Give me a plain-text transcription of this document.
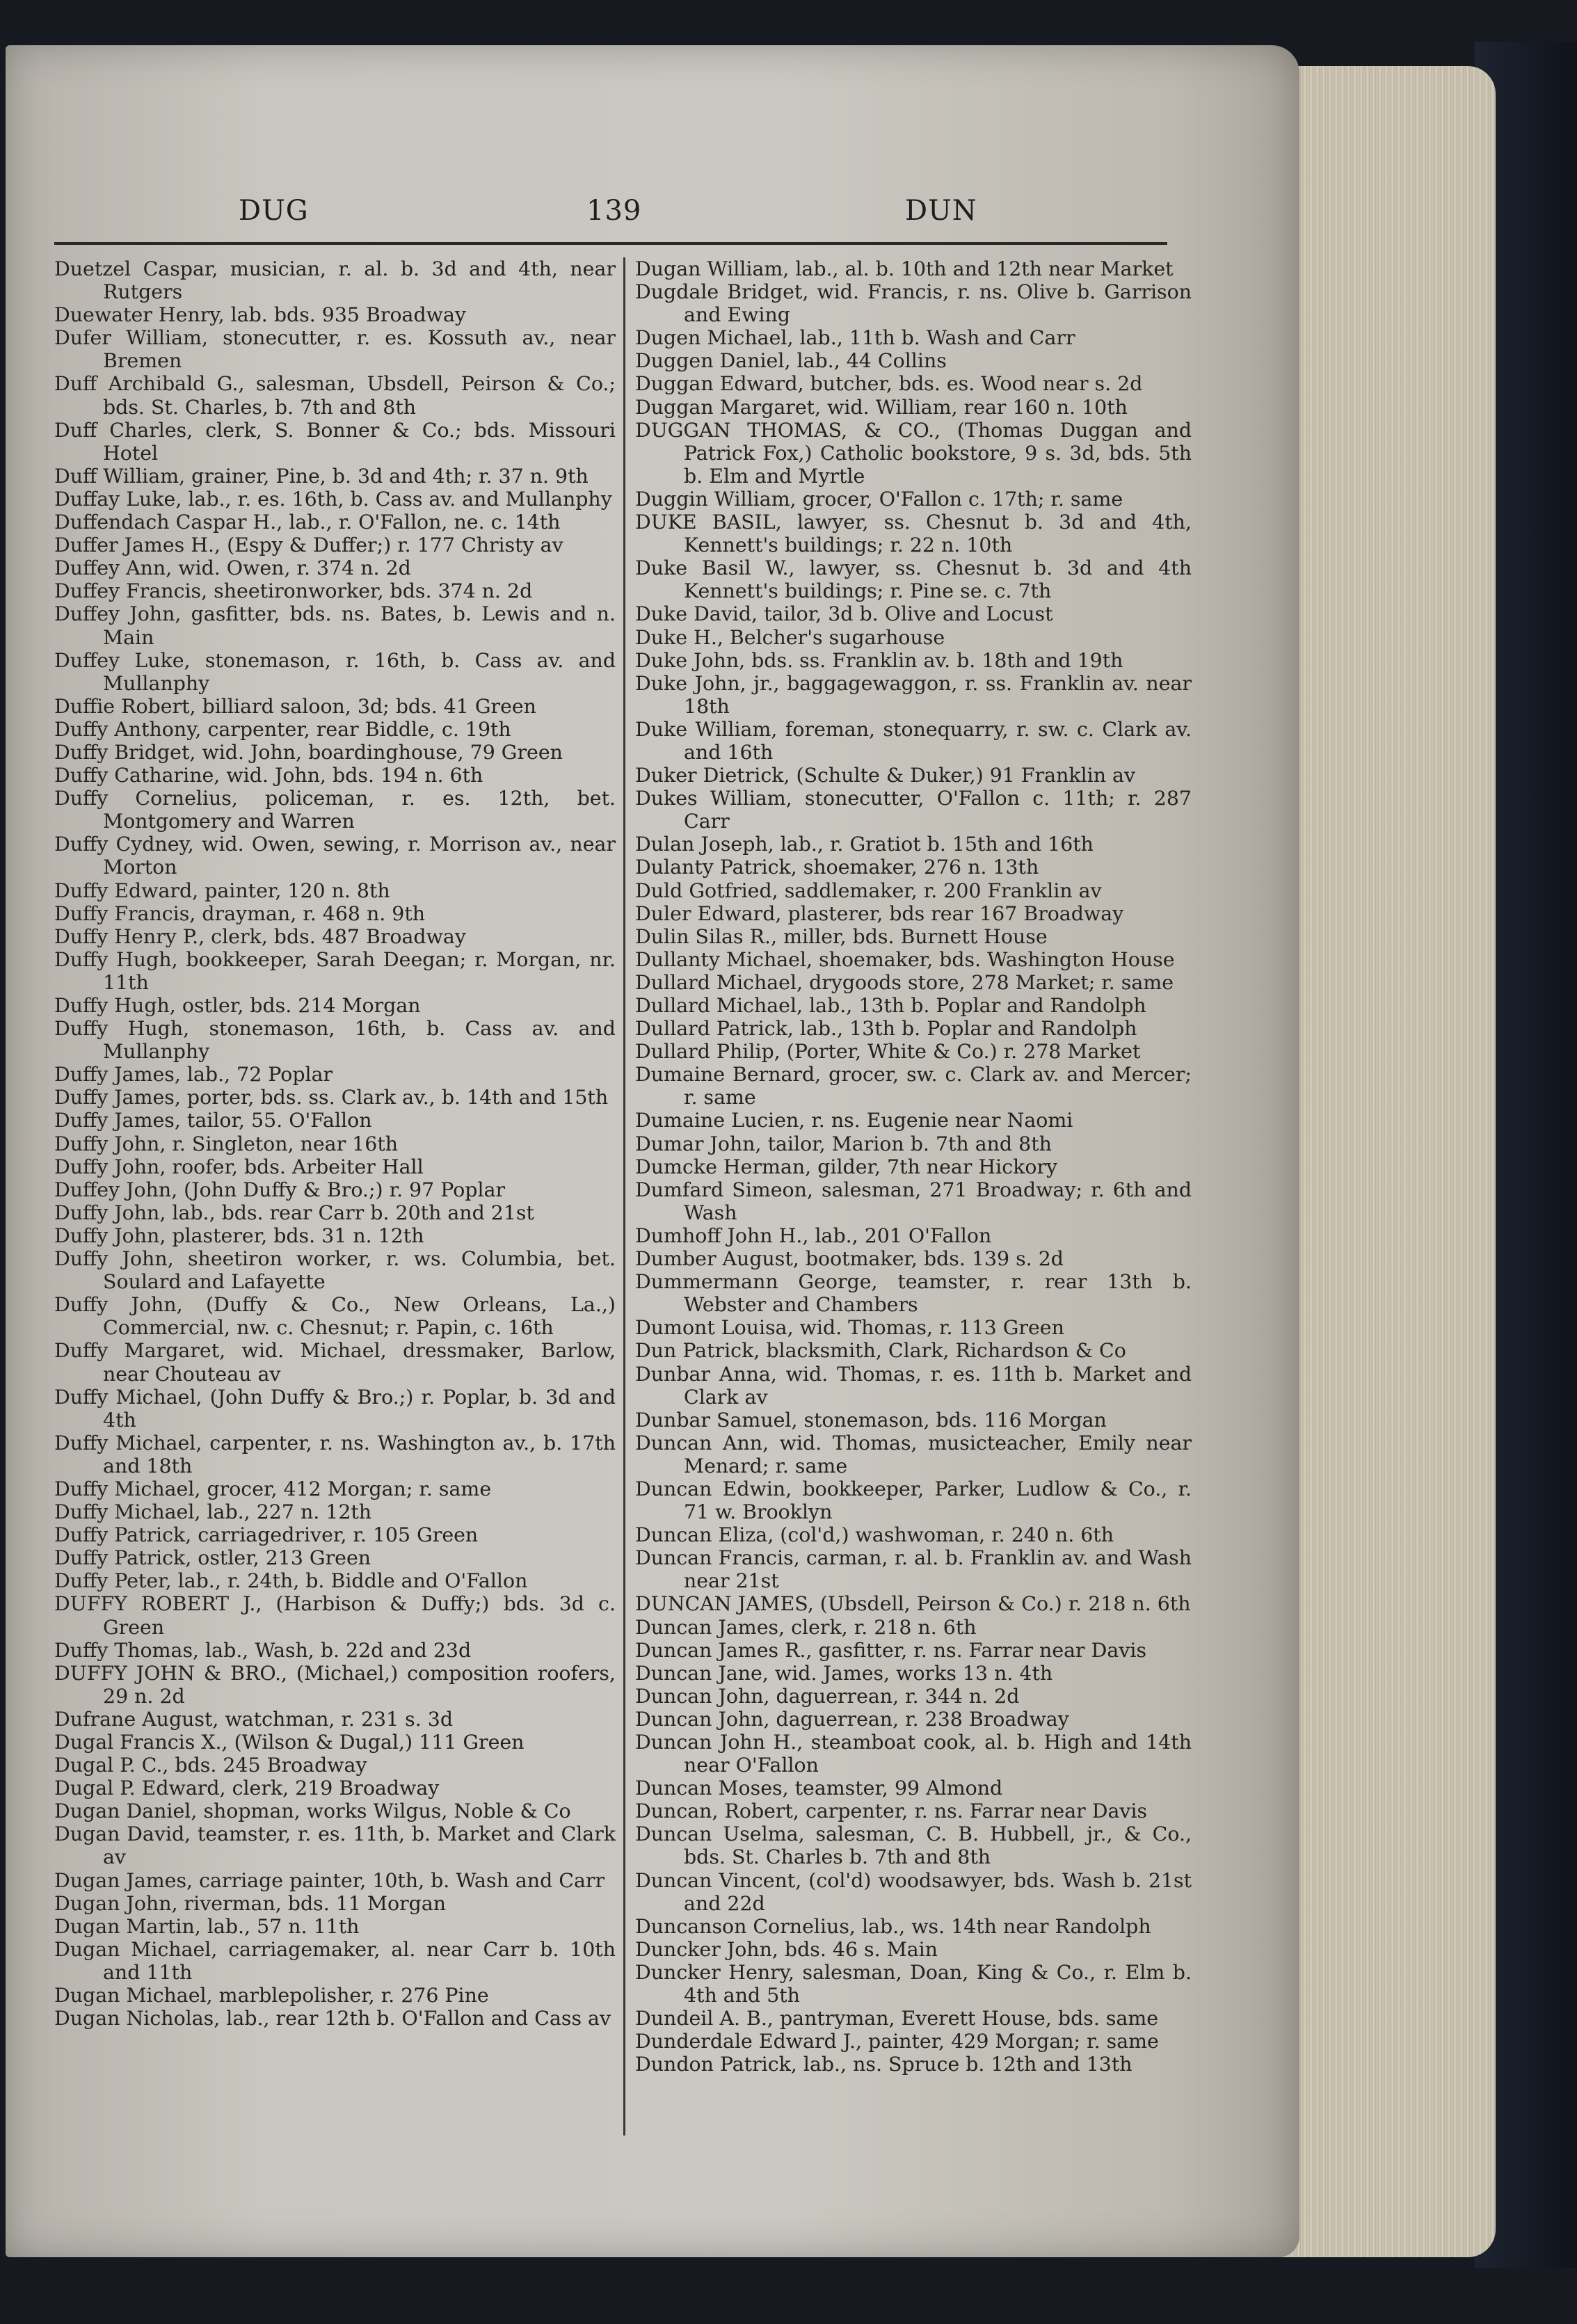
DUG	139	DUN

Duetzel Caspar, musician, r. al. b. 3d and 4th, near Rutgers

Duewater Henry, lab. bds. 935 Broadway

Dufer William, stonecutter, r. es. Kossuth av., near Bremen

Duff Archibald G., salesman, Ubsdell, Peirson & Co.; bds. St. Charles, b. 7th and 8th

Duff Charles, clerk, S. Bonner & Co.; bds. Missouri Hotel

Duff William, grainer, Pine, b. 3d and 4th; r. 37 n. 9th

Duffay Luke, lab., r. es. 16th, b. Cass av. and Mullanphy

Duffendach Caspar H., lab., r. O'Fallon, ne. c. 14th

Duffer James H., (Espy & Duffer;) r. 177 Christy av

Duffey Ann, wid. Owen, r. 374 n. 2d

Duffey Francis, sheetironworker, bds. 374 n. 2d

Duffey John, gasfitter, bds. ns. Bates, b. Lewis and n. Main

Duffey Luke, stonemason, r. 16th, b. Cass av. and Mullanphy

Duffie Robert, billiard saloon, 3d; bds. 41 Green

Duffy Anthony, carpenter, rear Biddle, c. 19th

Duffy Bridget, wid. John, boardinghouse, 79 Green

Duffy Catharine, wid. John, bds. 194 n. 6th

Duffy Cornelius, policeman, r. es. 12th, bet. Montgomery and Warren

Duffy Cydney, wid. Owen, sewing, r. Morrison av., near Morton

Duffy Edward, painter, 120 n. 8th

Duffy Francis, drayman, r. 468 n. 9th

Duffy Henry P., clerk, bds. 487 Broadway

Duffy Hugh, bookkeeper, Sarah Deegan; r. Morgan, nr. 11th

Duffy Hugh, ostler, bds. 214 Morgan

Duffy Hugh, stonemason, 16th, b. Cass av. and Mullanphy

Duffy James, lab., 72 Poplar

Duffy James, porter, bds. ss. Clark av., b. 14th and 15th

Duffy James, tailor, 55. O'Fallon

Duffy John, r. Singleton, near 16th

Duffy John, roofer, bds. Arbeiter Hall

Duffey John, (John Duffy & Bro.;) r. 97 Poplar

Duffy John, lab., bds. rear Carr b. 20th and 21st

Duffy John, plasterer, bds. 31 n. 12th

Duffy John, sheetiron worker, r. ws. Columbia, bet. Soulard and Lafayette

Duffy John, (Duffy & Co., New Orleans, La.,) Commercial, nw. c. Chesnut; r. Papin, c. 16th

Duffy Margaret, wid. Michael, dressmaker, Barlow, near Chouteau av

Duffy Michael, (John Duffy & Bro.;) r. Poplar, b. 3d and 4th

Duffy Michael, carpenter, r. ns. Washington av., b. 17th and 18th

Duffy Michael, grocer, 412 Morgan; r. same

Duffy Michael, lab., 227 n. 12th

Duffy Patrick, carriagedriver, r. 105 Green

Duffy Patrick, ostler, 213 Green

Duffy Peter, lab., r. 24th, b. Biddle and O'Fallon

DUFFY ROBERT J., (Harbison & Duffy;) bds. 3d c. Green

Duffy Thomas, lab., Wash, b. 22d and 23d

DUFFY JOHN & BRO., (Michael,) composition roofers, 29 n. 2d

Dufrane August, watchman, r. 231 s. 3d

Dugal Francis X., (Wilson & Dugal,) 111 Green

Dugal P. C., bds. 245 Broadway

Dugal P. Edward, clerk, 219 Broadway

Dugan Daniel, shopman, works Wilgus, Noble & Co

Dugan David, teamster, r. es. 11th, b. Market and Clark av

Dugan James, carriage painter, 10th, b. Wash and Carr

Dugan John, riverman, bds. 11 Morgan

Dugan Martin, lab., 57 n. 11th

Dugan Michael, carriagemaker, al. near Carr b. 10th and 11th

Dugan Michael, marblepolisher, r. 276 Pine

Dugan Nicholas, lab., rear 12th b. O'Fallon and Cass av

Dugan William, lab., al. b. 10th and 12th near Market

Dugdale Bridget, wid. Francis, r. ns. Olive b. Garrison and Ewing

Dugen Michael, lab., 11th b. Wash and Carr

Duggen Daniel, lab., 44 Collins

Duggan Edward, butcher, bds. es. Wood near s. 2d

Duggan Margaret, wid. William, rear 160 n. 10th

DUGGAN THOMAS, & CO., (Thomas Duggan and Patrick Fox,) Catholic bookstore, 9 s. 3d, bds. 5th b. Elm and Myrtle

Duggin William, grocer, O'Fallon c. 17th; r. same

DUKE BASIL, lawyer, ss. Chesnut b. 3d and 4th, Kennett's buildings; r. 22 n. 10th

Duke Basil W., lawyer, ss. Chesnut b. 3d and 4th Kennett's buildings; r. Pine se. c. 7th

Duke David, tailor, 3d b. Olive and Locust

Duke H., Belcher's sugarhouse

Duke John, bds. ss. Franklin av. b. 18th and 19th

Duke John, jr., baggagewaggon, r. ss. Franklin av. near 18th

Duke William, foreman, stonequarry, r. sw. c. Clark av. and 16th

Duker Dietrick, (Schulte & Duker,) 91 Franklin av

Dukes William, stonecutter, O'Fallon c. 11th; r. 287 Carr

Dulan Joseph, lab., r. Gratiot b. 15th and 16th

Dulanty Patrick, shoemaker, 276 n. 13th

Duld Gotfried, saddlemaker, r. 200 Franklin av

Duler Edward, plasterer, bds rear 167 Broadway

Dulin Silas R., miller, bds. Burnett House

Dullanty Michael, shoemaker, bds. Washington House

Dullard Michael, drygoods store, 278 Market; r. same

Dullard Michael, lab., 13th b. Poplar and Randolph

Dullard Patrick, lab., 13th b. Poplar and Randolph

Dullard Philip, (Porter, White & Co.) r. 278 Market

Dumaine Bernard, grocer, sw. c. Clark av. and Mercer; r. same

Dumaine Lucien, r. ns. Eugenie near Naomi

Dumar John, tailor, Marion b. 7th and 8th

Dumcke Herman, gilder, 7th near Hickory

Dumfard Simeon, salesman, 271 Broadway; r. 6th and Wash

Dumhoff John H., lab., 201 O'Fallon

Dumber August, bootmaker, bds. 139 s. 2d

Dummermann George, teamster, r. rear 13th b. Webster and Chambers

Dumont Louisa, wid. Thomas, r. 113 Green

Dun Patrick, blacksmith, Clark, Richardson & Co

Dunbar Anna, wid. Thomas, r. es. 11th b. Market and Clark av

Dunbar Samuel, stonemason, bds. 116 Morgan

Duncan Ann, wid. Thomas, musicteacher, Emily near Menard; r. same

Duncan Edwin, bookkeeper, Parker, Ludlow & Co., r. 71 w. Brooklyn

Duncan Eliza, (col'd,) washwoman, r. 240 n. 6th

Duncan Francis, carman, r. al. b. Franklin av. and Wash near 21st

DUNCAN JAMES, (Ubsdell, Peirson & Co.) r. 218 n. 6th

Duncan James, clerk, r. 218 n. 6th

Duncan James R., gasfitter, r. ns. Farrar near Davis

Duncan Jane, wid. James, works 13 n. 4th

Duncan John, daguerrean, r. 344 n. 2d

Duncan John, daguerrean, r. 238 Broadway

Duncan John H., steamboat cook, al. b. High and 14th near O'Fallon

Duncan Moses, teamster, 99 Almond

Duncan, Robert, carpenter, r. ns. Farrar near Davis

Duncan Uselma, salesman, C. B. Hubbell, jr., & Co., bds. St. Charles b. 7th and 8th

Duncan Vincent, (col'd) woodsawyer, bds. Wash b. 21st and 22d

Duncanson Cornelius, lab., ws. 14th near Randolph

Duncker John, bds. 46 s. Main

Duncker Henry, salesman, Doan, King & Co., r. Elm b. 4th and 5th

Dundeil A. B., pantryman, Everett House, bds. same

Dunderdale Edward J., painter, 429 Morgan; r. same

Dundon Patrick, lab., ns. Spruce b. 12th and 13th
